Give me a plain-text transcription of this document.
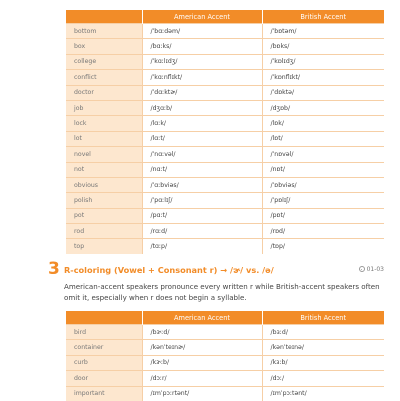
	American Accent	British Accent
bottom	/ˈbɑːdəm/	/ˈbɒtəm/
box	/bɑːks/	/bɒks/
college	/ˈkɑːlɪdʒ/	/ˈkɒlɪdʒ/
conflict	/ˈkɑːnflɪkt/	/ˈkɒnflɪkt/
doctor	/ˈdɑːktɚ/	/ˈdɒktə/
job	/dʒɑːb/	/dʒɒb/
lock	/lɑːk/	/lɒk/
lot	/lɑːt/	/lɒt/
novel	/ˈnɑːvəl/	/ˈnɒvəl/
not	/nɑːt/	/nɒt/
obvious	/ˈɑːbviəs/	/ˈɒbviəs/
polish	/ˈpɑːlɪʃ/	/ˈpɒlɪʃ/
pot	/pɑːt/	/pɒt/
rod	/rɑːd/	/rɒd/
top	/tɑːp/	/tɒp/
3 R-coloring (Vowel + Consonant r) → /ɚ/ vs. /ə/	01-03

American-accent speakers pronounce every written r while British-accent speakers often omit it, especially when r does not begin a syllable.

	American Accent	British Accent
bird	/bɝːd/	/bɜːd/
container	/kənˈteɪnɚ/	/kənˈteɪnə/
curb	/kɝːb/	/kɜːb/
door	/dɔːr/	/dɔː/
important	/ɪmˈpɔːrtənt/	/ɪmˈpɔːtənt/
